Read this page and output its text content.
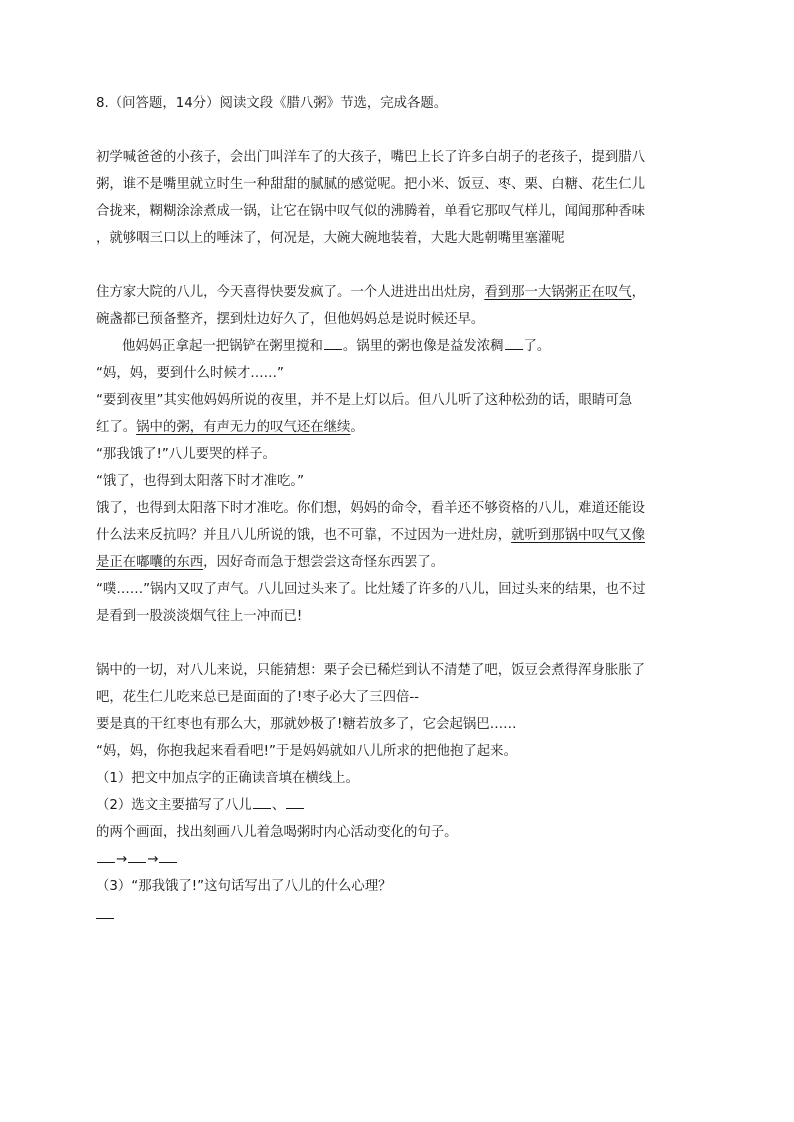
8.（问答题，14分）阅读文段《腊八粥》节选，完成各题。
初学喊爸爸的小孩子，会出门叫洋车了的大孩子，嘴巴上长了许多白胡子的老孩子，提到腊八
粥，谁不是嘴里就立时生一种甜甜的腻腻的感觉呢。把小米、饭豆、枣、栗、白糖、花生仁儿
合拢来，糊糊涂涂煮成一锅，让它在锅中叹气似的沸腾着，单看它那叹气样儿，闻闻那种香味
，就够咽三口以上的唾沫了，何况是，大碗大碗地装着，大匙大匙朝嘴里塞灌呢
住方家大院的八儿，今天喜得快要发疯了。一个人进进出出灶房，看到那一大锅粥正在叹气，
碗盏都已预备整齐，摆到灶边好久了，但他妈妈总是说时候还早。
他妈妈正拿起一把锅铲在粥里搅和 。锅里的粥也像是益发浓稠 了。
“妈，妈，要到什么时候才……”
“要到夜里”其实他妈妈所说的夜里，并不是上灯以后。但八儿听了这种松劲的话，眼睛可急
红了。锅中的粥，有声无力的叹气还在继续。
“那我饿了!”八儿要哭的样子。
“饿了，也得到太阳落下时才准吃。”
饿了，也得到太阳落下时才准吃。你们想，妈妈的命令，看羊还不够资格的八儿，难道还能设
什么法来反抗吗？并且八儿所说的饿，也不可靠，不过因为一进灶房，就听到那锅中叹气又像
是正在嘟囔的东西，因好奇而急于想尝尝这奇怪东西罢了。
“噗……”锅内又叹了声气。八儿回过头来了。比灶矮了许多的八儿，回过头来的结果，也不过
是看到一股淡淡烟气往上一冲而已!
锅中的一切，对八儿来说，只能猜想：栗子会已稀烂到认不清楚了吧，饭豆会煮得浑身胀胀了
吧，花生仁儿吃来总已是面面的了!枣子必大了三四倍--
要是真的干红枣也有那么大，那就妙极了!糖若放多了，它会起锅巴……
“妈，妈，你抱我起来看看吧!”于是妈妈就如八儿所求的把他抱了起来。
（1）把文中加点字的正确读音填在横线上。
（2）选文主要描写了八儿 、
的两个画面，找出刻画八儿着急喝粥时内心活动变化的句子。
→ →
（3）“那我饿了!”这句话写出了八儿的什么心理？
